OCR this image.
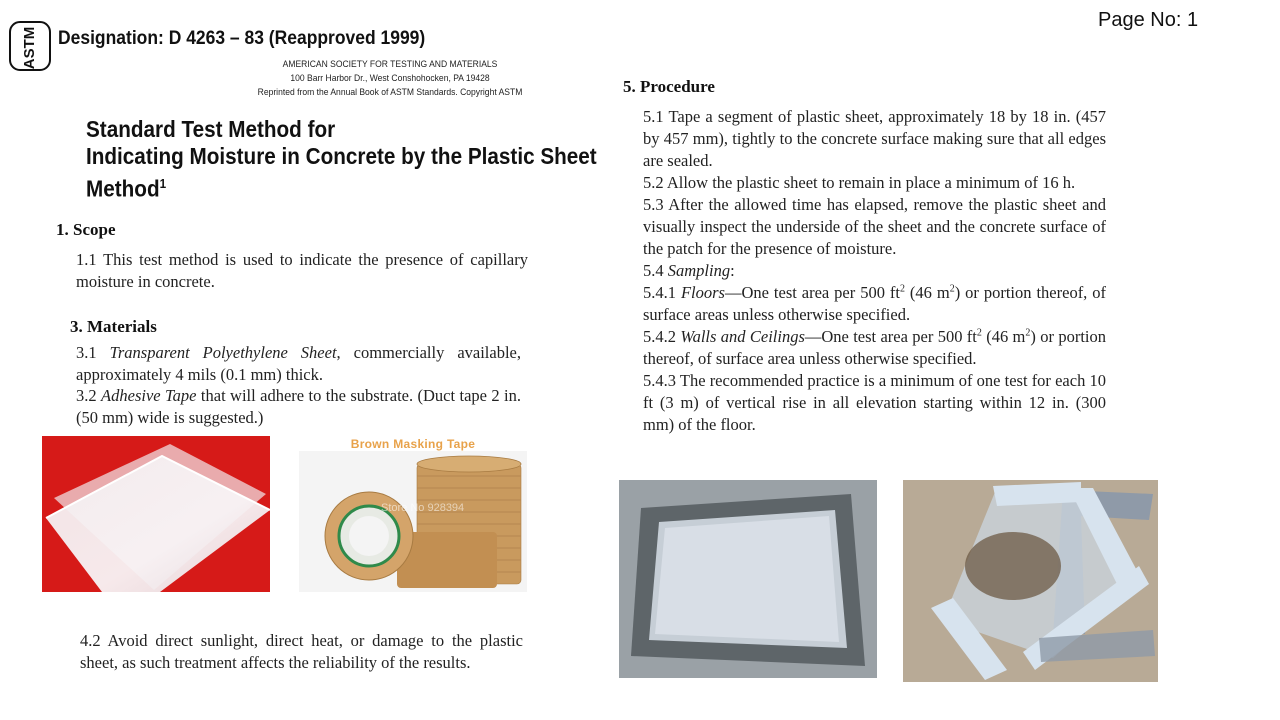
Page No: 1
ASTM Designation: D 4263 – 83 (Reapproved 1999)
AMERICAN SOCIETY FOR TESTING AND MATERIALS
100 Barr Harbor Dr., West Conshohocken, PA 19428
Reprinted from the Annual Book of ASTM Standards. Copyright ASTM
Standard Test Method for
Indicating Moisture in Concrete by the Plastic Sheet
Method$^1$
1. Scope
1.1 This test method is used to indicate the presence of capillary moisture in concrete.
3. Materials
3.1 Transparent Polyethylene Sheet, commercially available, approximately 4 mils (0.1 mm) thick.
3.2 Adhesive Tape that will adhere to the substrate. (Duct tape 2 in. (50 mm) wide is suggested.)
Brown Masking Tape
Store No 928394
4.2 Avoid direct sunlight, direct heat, or damage to the plastic sheet, as such treatment affects the reliability of the results.
5. Procedure
5.1 Tape a segment of plastic sheet, approximately 18 by 18 in. (457 by 457 mm), tightly to the concrete surface making sure that all edges are sealed.
5.2 Allow the plastic sheet to remain in place a minimum of 16 h.
5.3 After the allowed time has elapsed, remove the plastic sheet and visually inspect the underside of the sheet and the concrete surface of the patch for the presence of moisture.
5.4 Sampling:
5.4.1 Floors—One test area per 500 $ft^2$ (46 $m^2$) or portion thereof, of surface areas unless otherwise specified.
5.4.2 Walls and Ceilings—One test area per 500 $ft^2$ (46 $m^2$) or portion thereof, of surface area unless otherwise specified.
5.4.3 The recommended practice is a minimum of one test for each 10 ft (3 m) of vertical rise in all elevation starting within 12 in. (300 mm) of the floor.
